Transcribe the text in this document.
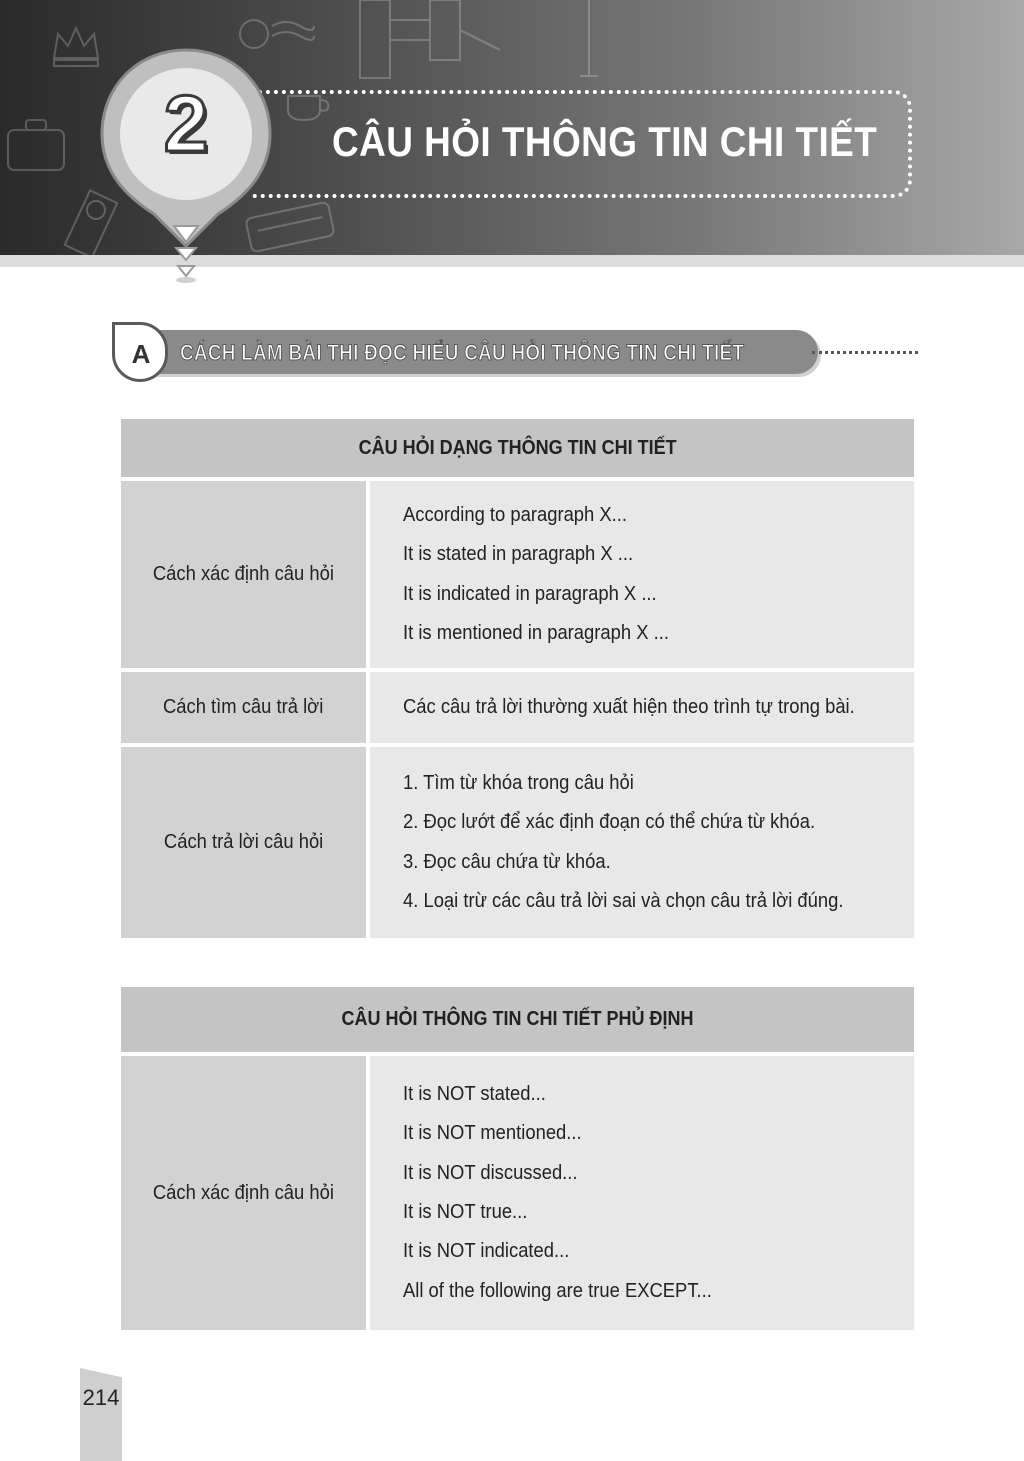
CÂU HỎI THÔNG TIN CHI TIẾT
2
A	CÁCH LÀM BÀI THI ĐỌC HIỂU CÂU HỎI THÔNG TIN CHI TIẾT
CÂU HỎI DẠNG THÔNG TIN CHI TIẾT
Cách xác định câu hỏi
According to paragraph X...
It is stated in paragraph X ...
It is indicated in paragraph X ...
It is mentioned in paragraph X ...
Cách tìm câu trả lời	Các câu trả lời thường xuất hiện theo trình tự trong bài.
Cách trả lời câu hỏi
1. Tìm từ khóa trong câu hỏi
2. Đọc lướt để xác định đoạn có thể chứa từ khóa.
3. Đọc câu chứa từ khóa.
4. Loại trừ các câu trả lời sai và chọn câu trả lời đúng.
CÂU HỎI THÔNG TIN CHI TIẾT PHỦ ĐỊNH
Cách xác định câu hỏi
It is NOT stated...
It is NOT mentioned...
It is NOT discussed...
It is NOT true...
It is NOT indicated...
All of the following are true EXCEPT...
214
